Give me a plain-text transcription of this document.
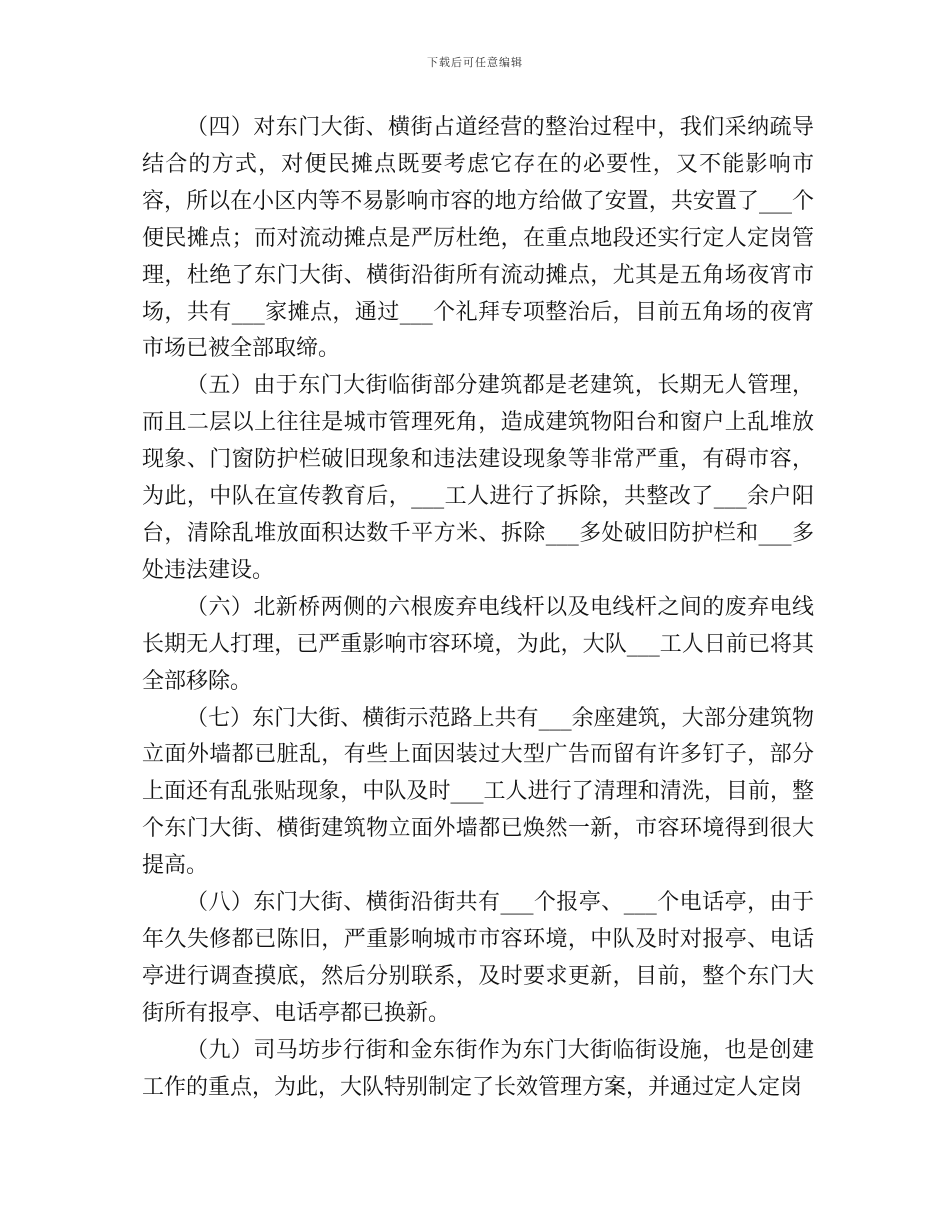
下载后可任意编辑

（四）对东门大街、横街占道经营的整治过程中，我们采纳疏导结合的方式，对便民摊点既要考虑它存在的必要性，又不能影响市容，所以在小区内等不易影响市容的地方给做了安置，共安置了___个便民摊点；而对流动摊点是严厉杜绝，在重点地段还实行定人定岗管理，杜绝了东门大街、横街沿街所有流动摊点，尤其是五角场夜宵市场，共有___家摊点，通过___个礼拜专项整治后，目前五角场的夜宵市场已被全部取缔。

（五）由于东门大街临街部分建筑都是老建筑，长期无人管理，而且二层以上往往是城市管理死角，造成建筑物阳台和窗户上乱堆放现象、门窗防护栏破旧现象和违法建设现象等非常严重，有碍市容，为此，中队在宣传教育后，___工人进行了拆除，共整改了___余户阳台，清除乱堆放面积达数千平方米、拆除___多处破旧防护栏和___多处违法建设。

（六）北新桥两侧的六根废弃电线杆以及电线杆之间的废弃电线长期无人打理，已严重影响市容环境，为此，大队___工人日前已将其全部移除。

（七）东门大街、横街示范路上共有___余座建筑，大部分建筑物立面外墙都已脏乱，有些上面因装过大型广告而留有许多钉子，部分上面还有乱张贴现象，中队及时___工人进行了清理和清洗，目前，整个东门大街、横街建筑物立面外墙都已焕然一新，市容环境得到很大提高。

（八）东门大街、横街沿街共有___个报亭、___个电话亭，由于年久失修都已陈旧，严重影响城市市容环境，中队及时对报亭、电话亭进行调查摸底，然后分别联系，及时要求更新，目前，整个东门大街所有报亭、电话亭都已换新。

（九）司马坊步行街和金东街作为东门大街临街设施，也是创建工作的重点，为此，大队特别制定了长效管理方案，并通过定人定岗
